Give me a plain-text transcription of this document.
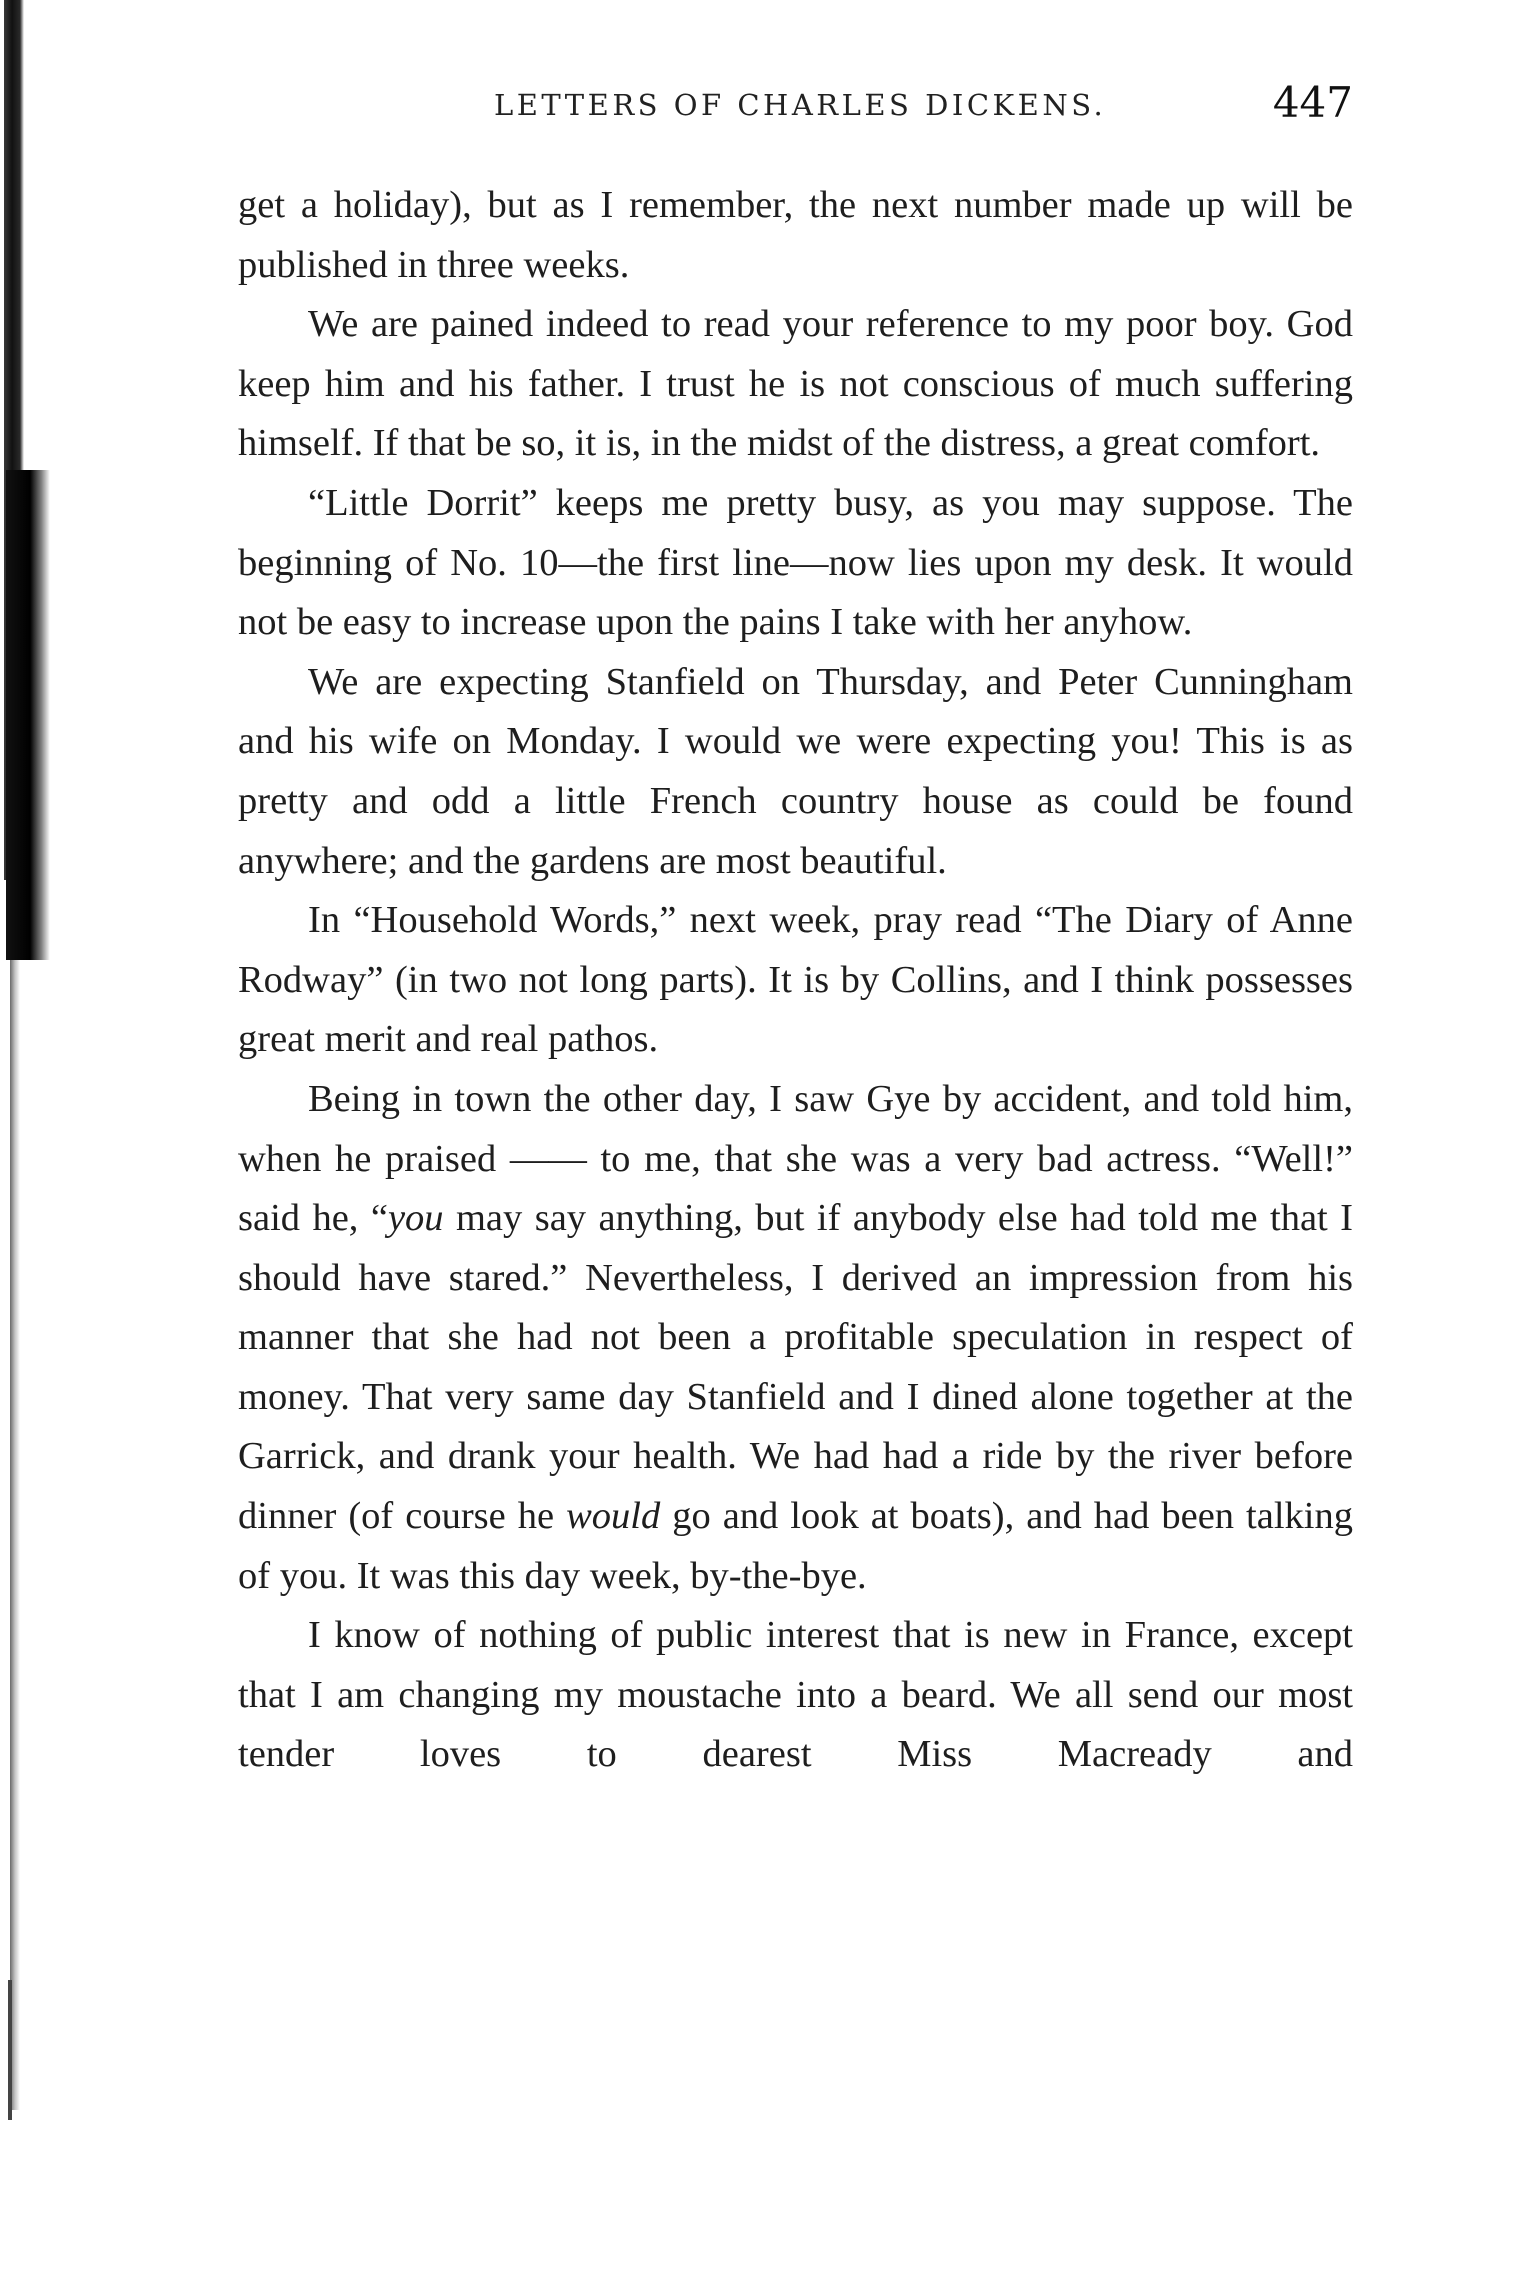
LETTERS OF CHARLES DICKENS.	447

get a holiday), but as I remember, the next number made up will be published in three weeks.

We are pained indeed to read your reference to my poor boy. God keep him and his father. I trust he is not conscious of much suffering himself. If that be so, it is, in the midst of the distress, a great comfort.

“Little Dorrit” keeps me pretty busy, as you may suppose. The beginning of No. 10—the first line—now lies upon my desk. It would not be easy to increase upon the pains I take with her anyhow.

We are expecting Stanfield on Thursday, and Peter Cunningham and his wife on Monday. I would we were expecting you! This is as pretty and odd a little French country house as could be found anywhere; and the gardens are most beautiful.

In “Household Words,” next week, pray read “The Diary of Anne Rodway” (in two not long parts). It is by Collins, and I think possesses great merit and real pathos.

Being in town the other day, I saw Gye by accident, and told him, when he praised —— to me, that she was a very bad actress. “Well!” said he, “you may say anything, but if anybody else had told me that I should have stared.” Nevertheless, I derived an impression from his manner that she had not been a profitable speculation in respect of money. That very same day Stanfield and I dined alone together at the Garrick, and drank your health. We had had a ride by the river before dinner (of course he would go and look at boats), and had been talking of you. It was this day week, by-the-bye.

I know of nothing of public interest that is new in France, except that I am changing my moustache into a beard. We all send our most tender loves to dearest Miss Macready and
